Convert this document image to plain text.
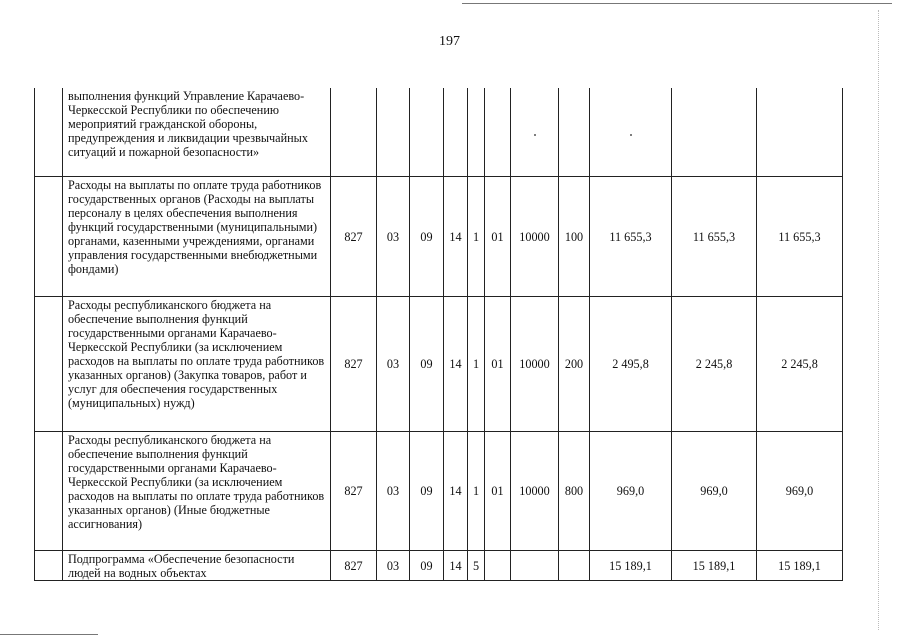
197
	выполнения функций Управление Карачаево-Черкесской Республики по обеспечению мероприятий гражданской обороны, предупреждения и ликвидации чрезвычайных ситуаций и пожарной безопасности»											
	Расходы на выплаты по оплате труда работников государственных органов (Расходы на выплаты персоналу в целях обеспечения выполнения функций государственными (муниципальными) органами, казенными учреждениями, органами управления государственными внебюджетными фондами)	827	03	09	14	1	01	10000	100	11 655,3	11 655,3	11 655,3
	Расходы республиканского бюджета на обеспечение выполнения функций государственными органами Карачаево-Черкесской Республики (за исключением расходов на выплаты по оплате труда работников указанных органов) (Закупка товаров, работ и услуг для обеспечения государственных (муниципальных) нужд)	827	03	09	14	1	01	10000	200	2 495,8	2 245,8	2 245,8
	Расходы республиканского бюджета на обеспечение выполнения функций государственными органами Карачаево-Черкесской Республики (за исключением расходов на выплаты по оплате труда работников указанных органов) (Иные бюджетные ассигнования)	827	03	09	14	1	01	10000	800	969,0	969,0	969,0
	Подпрограмма «Обеспечение безопасности людей на водных объектах	827	03	09	14	5				15 189,1	15 189,1	15 189,1
